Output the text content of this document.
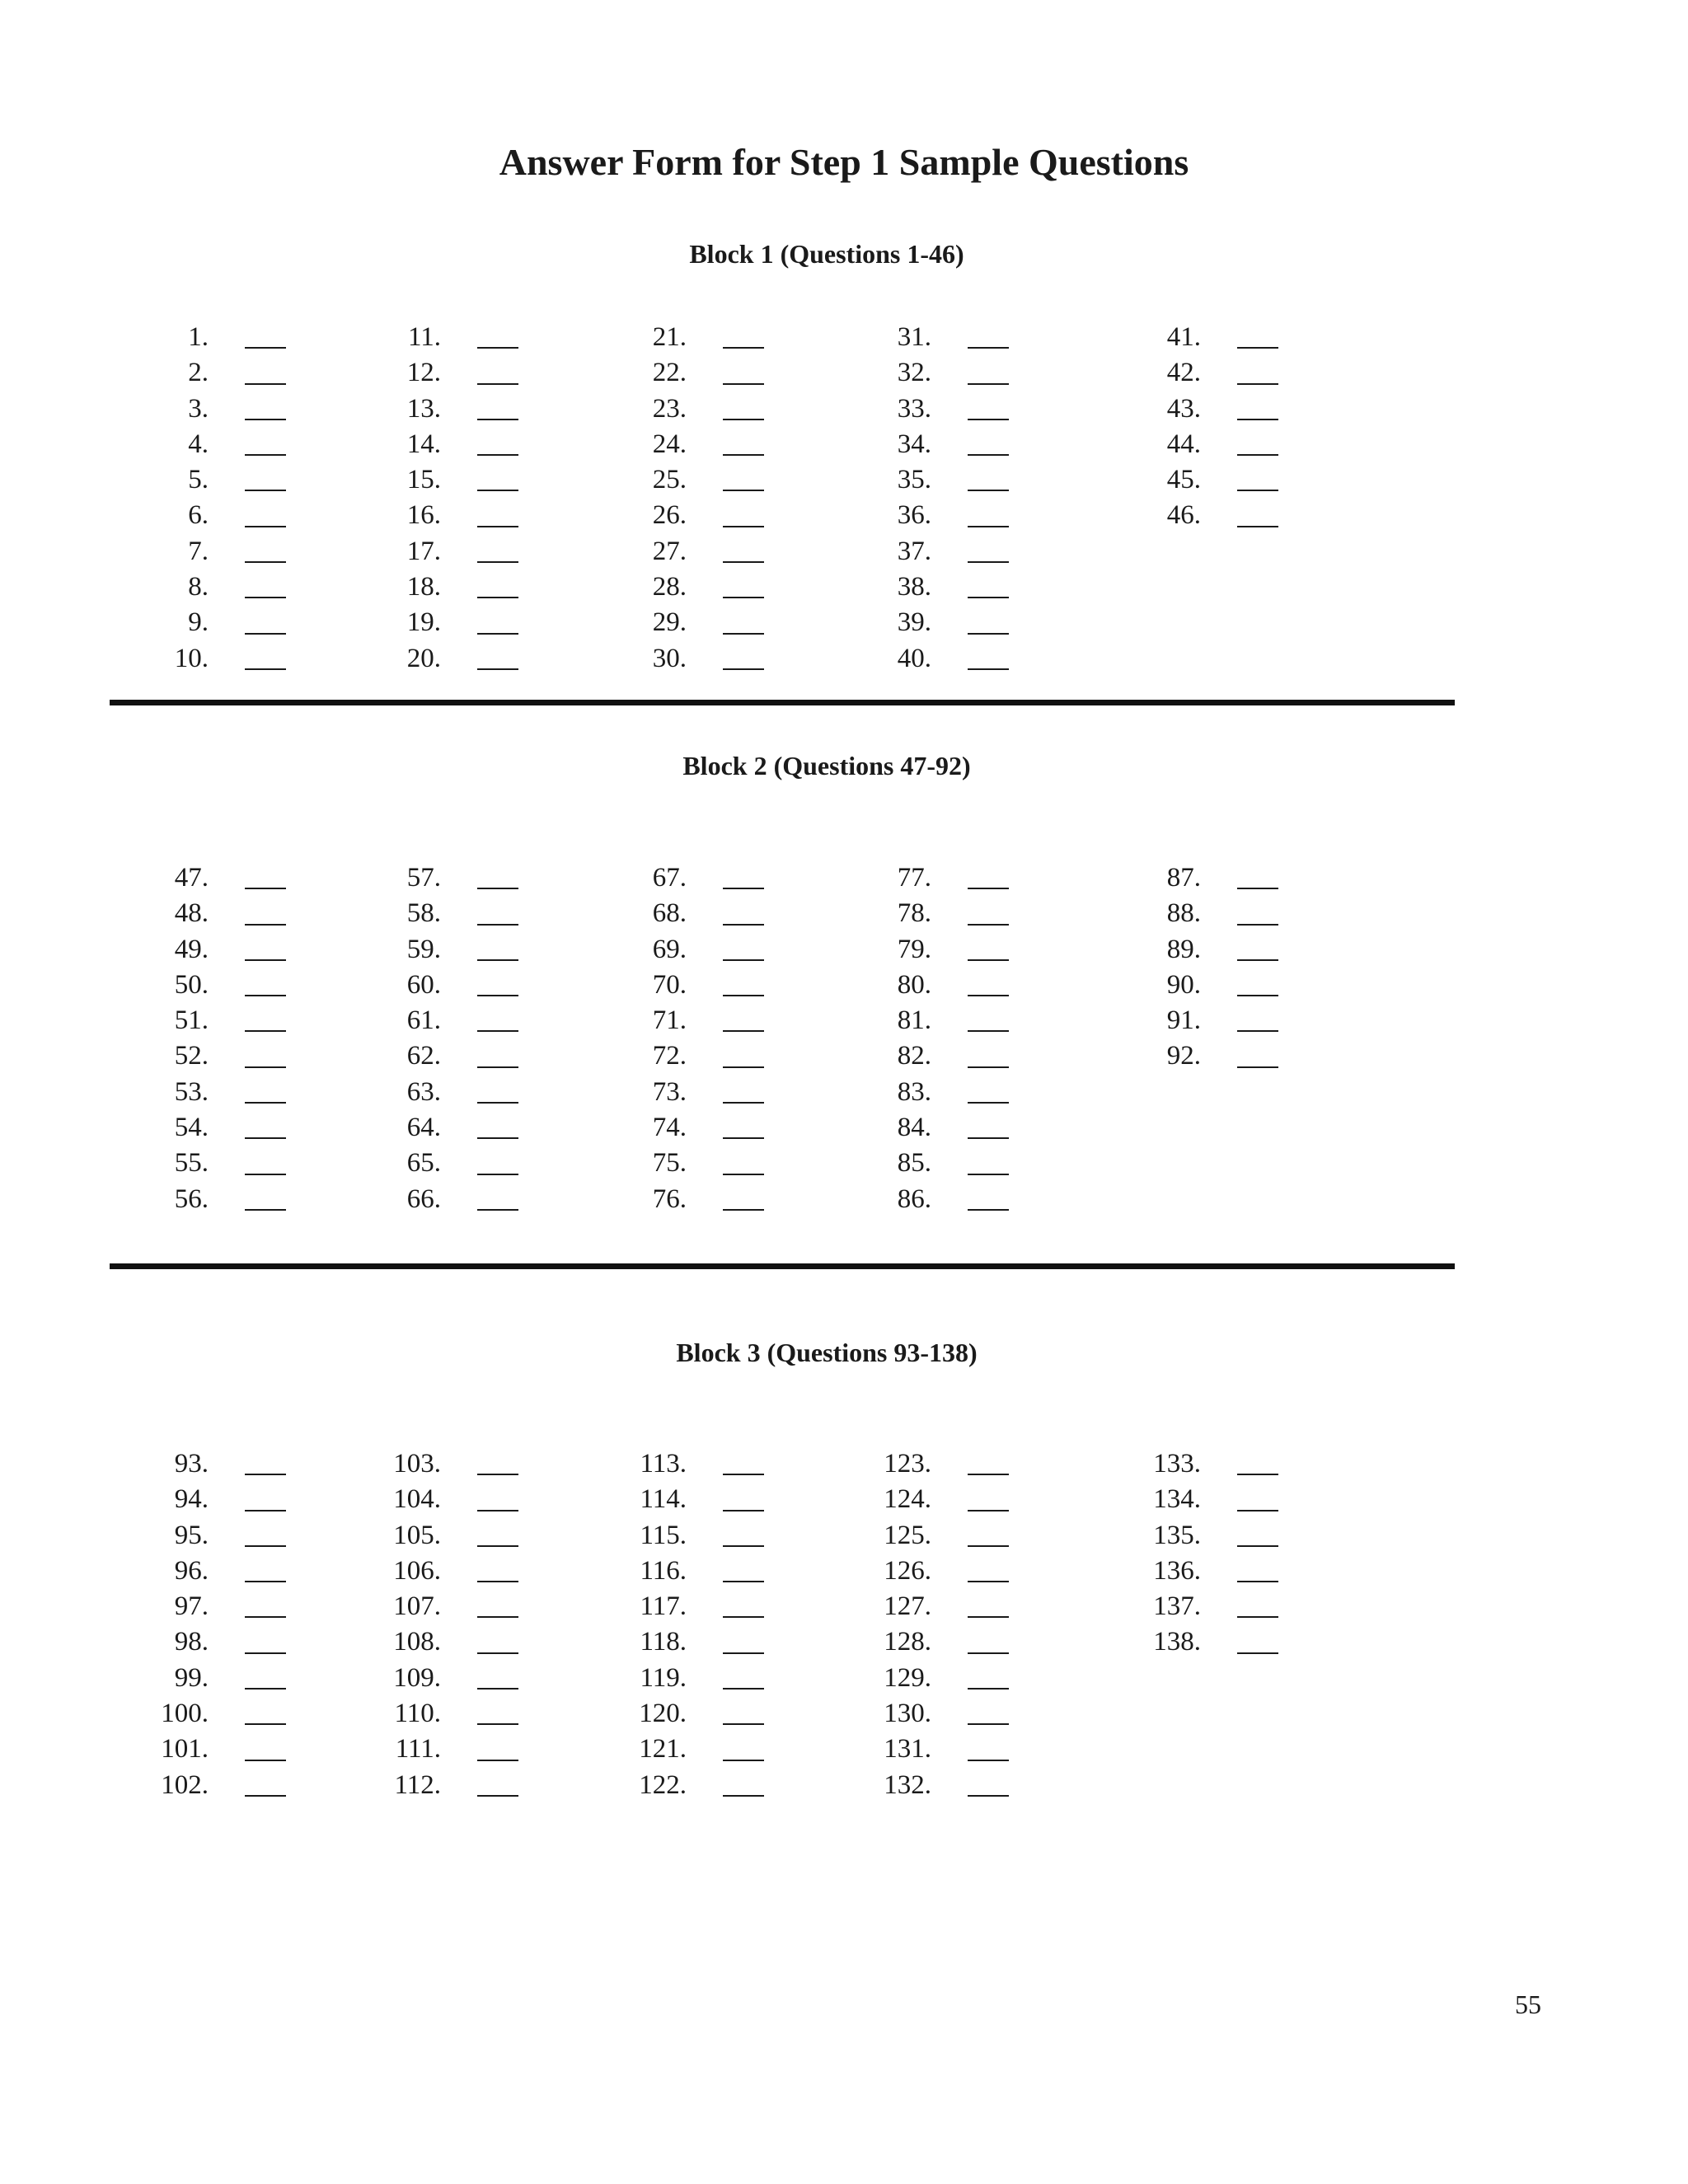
Answer Form for Step 1 Sample Questions
Block 1 (Questions 1-46)
1.
2.
3.
4.
5.
6.
7.
8.
9.
10.
11.
12.
13.
14.
15.
16.
17.
18.
19.
20.
21.
22.
23.
24.
25.
26.
27.
28.
29.
30.
31.
32.
33.
34.
35.
36.
37.
38.
39.
40.
41.
42.
43.
44.
45.
46.
Block 2 (Questions 47-92)
47.
48.
49.
50.
51.
52.
53.
54.
55.
56.
57.
58.
59.
60.
61.
62.
63.
64.
65.
66.
67.
68.
69.
70.
71.
72.
73.
74.
75.
76.
77.
78.
79.
80.
81.
82.
83.
84.
85.
86.
87.
88.
89.
90.
91.
92.
Block 3 (Questions 93-138)
93.
94.
95.
96.
97.
98.
99.
100.
101.
102.
103.
104.
105.
106.
107.
108.
109.
110.
111.
112.
113.
114.
115.
116.
117.
118.
119.
120.
121.
122.
123.
124.
125.
126.
127.
128.
129.
130.
131.
132.
133.
134.
135.
136.
137.
138.
55
